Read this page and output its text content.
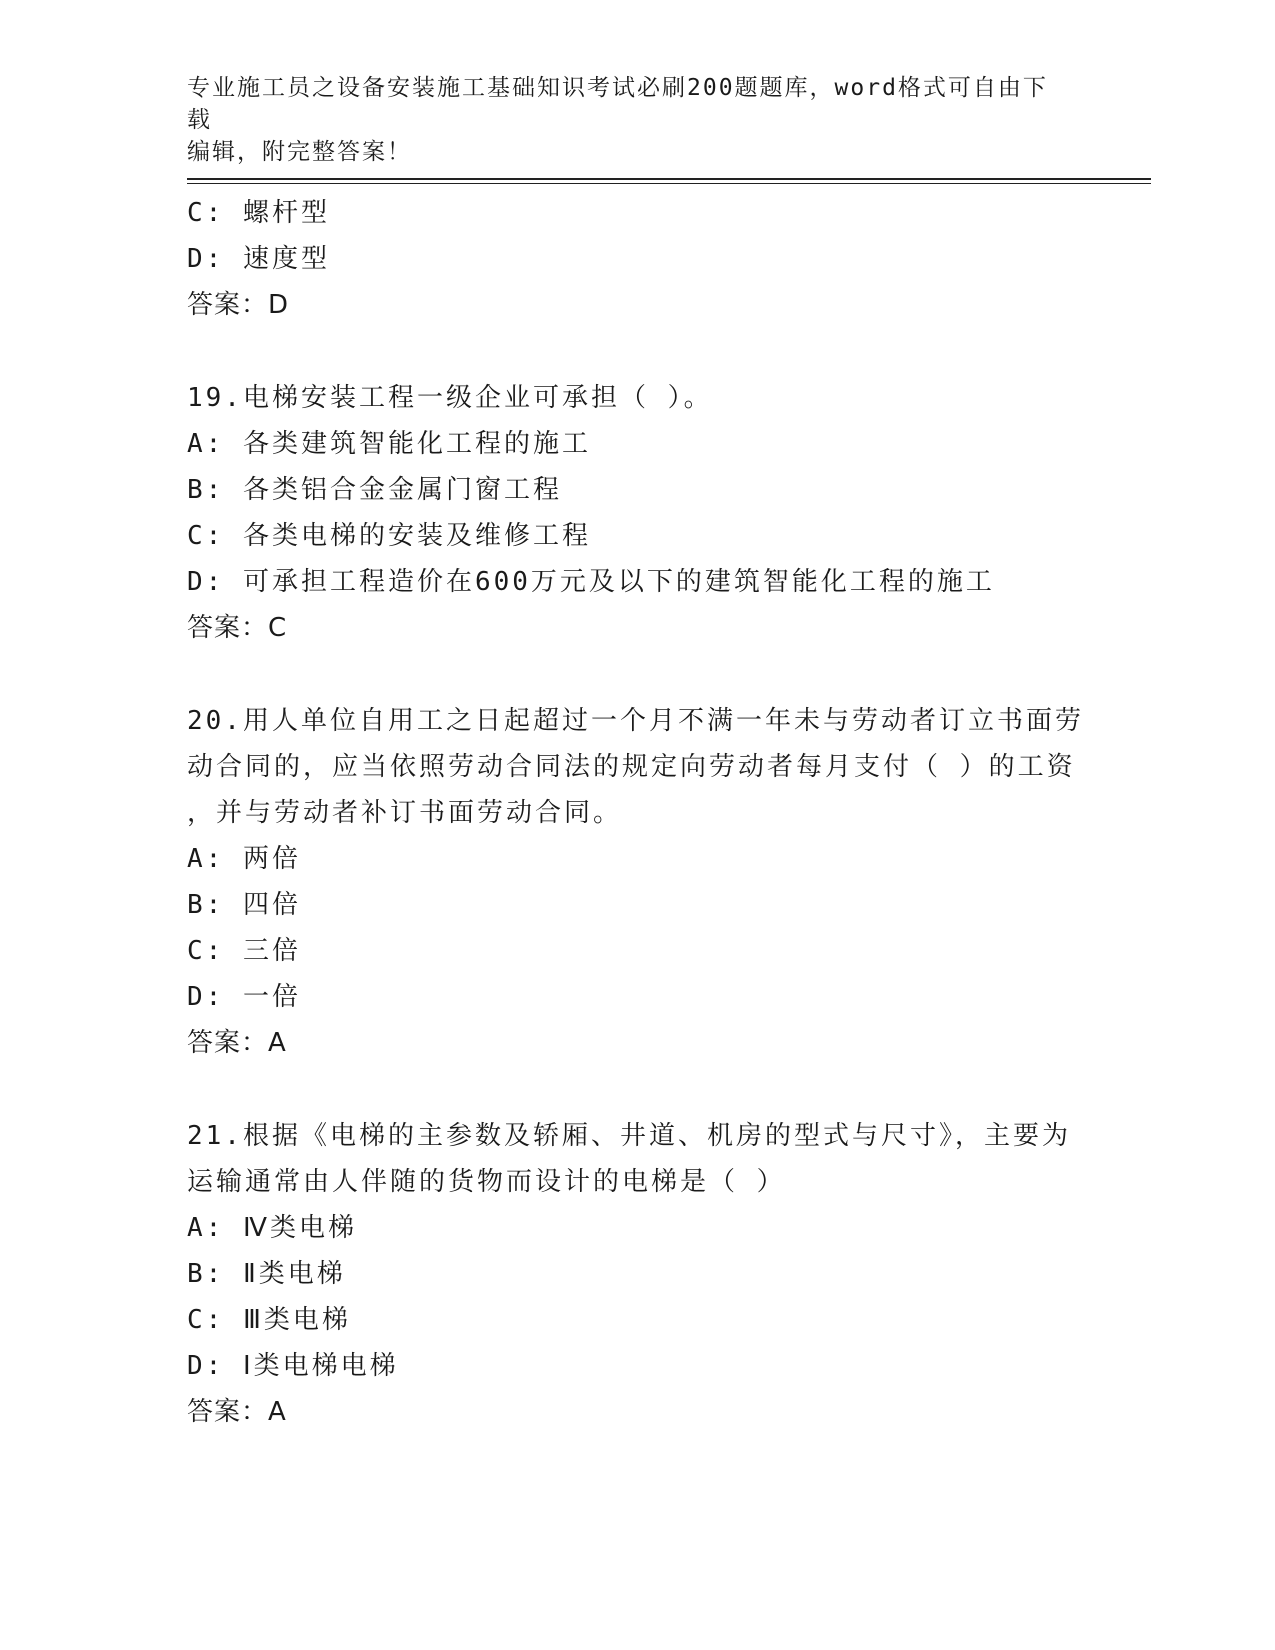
专业施工员之设备安装施工基础知识考试必刷200题题库，word格式可自由下载
编辑，附完整答案！
C: 螺杆型
D: 速度型
答案：D
19.电梯安装工程一级企业可承担（ ）。
A: 各类建筑智能化工程的施工
B: 各类铝合金金属门窗工程
C: 各类电梯的安装及维修工程
D: 可承担工程造价在600万元及以下的建筑智能化工程的施工
答案：C
20.用人单位自用工之日起超过一个月不满一年未与劳动者订立书面劳
动合同的，应当依照劳动合同法的规定向劳动者每月支付（ ）的工资
，并与劳动者补订书面劳动合同。
A: 两倍
B: 四倍
C: 三倍
D: 一倍
答案：A
21.根据《电梯的主参数及轿厢、井道、机房的型式与尺寸》，主要为
运输通常由人伴随的货物而设计的电梯是（ ）
A: Ⅳ类电梯
B: Ⅱ类电梯
C: Ⅲ类电梯
D: Ⅰ类电梯电梯
答案：A
